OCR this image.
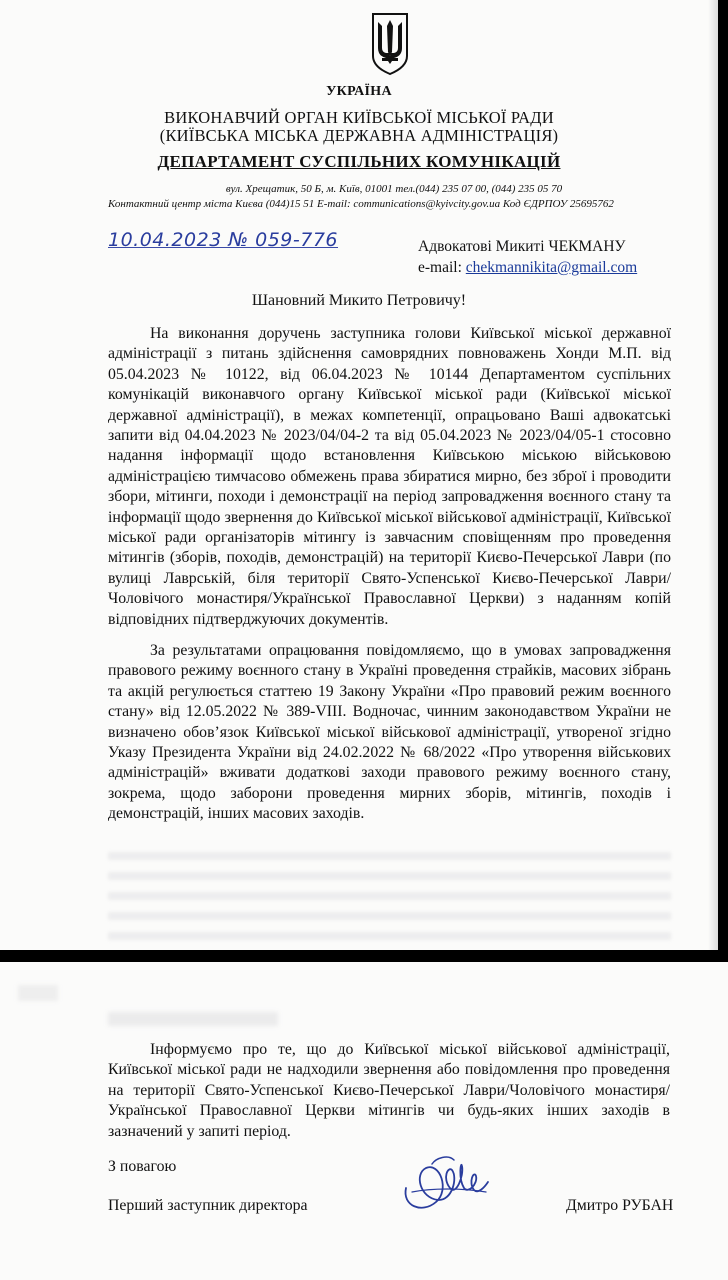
УКРАЇНА
ВИКОНАВЧИЙ ОРГАН КИЇВСЬКОЇ МІСЬКОЇ РАДИ
(КИЇВСЬКА МІСЬКА ДЕРЖАВНА АДМІНІСТРАЦІЯ)
ДЕПАРТАМЕНТ СУСПІЛЬНИХ КОМУНІКАЦІЙ
вул. Хрещатик, 50 Б, м. Київ, 01001 тел.(044) 235 07 00, (044) 235 05 70
Контактний центр міста Києва (044)15 51 E-mail: communications@kyivcity.gov.ua Код ЄДРПОУ 25695762
10.04.2023 № 059-776	Адвокатові Микиті ЧЕКМАНУ
e-mail: chekmannikita@gmail.com
Шановний Микито Петровичу!
На виконання доручень заступника голови Київської міської державної адміністрації з питань здійснення самоврядних повноважень Хонди М.П. від 05.04.2023 № 10122, від 06.04.2023 № 10144 Департаментом суспільних комунікацій виконавчого органу Київської міської ради (Київської міської державної адміністрації), в межах компетенції, опрацьовано Ваші адвокатські запити від 04.04.2023 № 2023/04/04-2 та від 05.04.2023 № 2023/04/05-1 стосовно надання інформації щодо встановлення Київською міською військовою адміністрацією тимчасово обмежень права збиратися мирно, без зброї і проводити збори, мітинги, походи і демонстрації на період запровадження воєнного стану та інформації щодо звернення до Київської міської військової адміністрації, Київської міської ради організаторів мітингу із завчасним сповіщенням про проведення мітингів (зборів, походів, демонстрацій) на території Києво-Печерської Лаври (по вулиці Лаврській, біля території Свято-Успенської Києво-Печерської Лаври/Чоловічого монастиря/Української Православної Церкви) з наданням копій відповідних підтверджуючих документів.
За результатами опрацювання повідомляємо, що в умовах запровадження правового режиму воєнного стану в Україні проведення страйків, масових зібрань та акцій регулюється статтею 19 Закону України «Про правовий режим воєнного стану» від 12.05.2022 № 389-VIII. Водночас, чинним законодавством України не визначено обов’язок Київської міської військової адміністрації, утвореної згідно Указу Президента України від 24.02.2022 № 68/2022 «Про утворення військових адміністрацій» вживати додаткові заходи правового режиму воєнного стану, зокрема, щодо заборони проведення мирних зборів, мітингів, походів і демонстрацій, інших масових заходів.
Інформуємо про те, що до Київської міської військової адміністрації, Київської міської ради не надходили звернення або повідомлення про проведення на території Свято-Успенської Києво-Печерської Лаври/Чоловічого монастиря/ Української Православної Церкви мітингів чи будь-яких інших заходів в зазначений у запиті період.
З повагою
Перший заступник директора	Дмитро РУБАН
